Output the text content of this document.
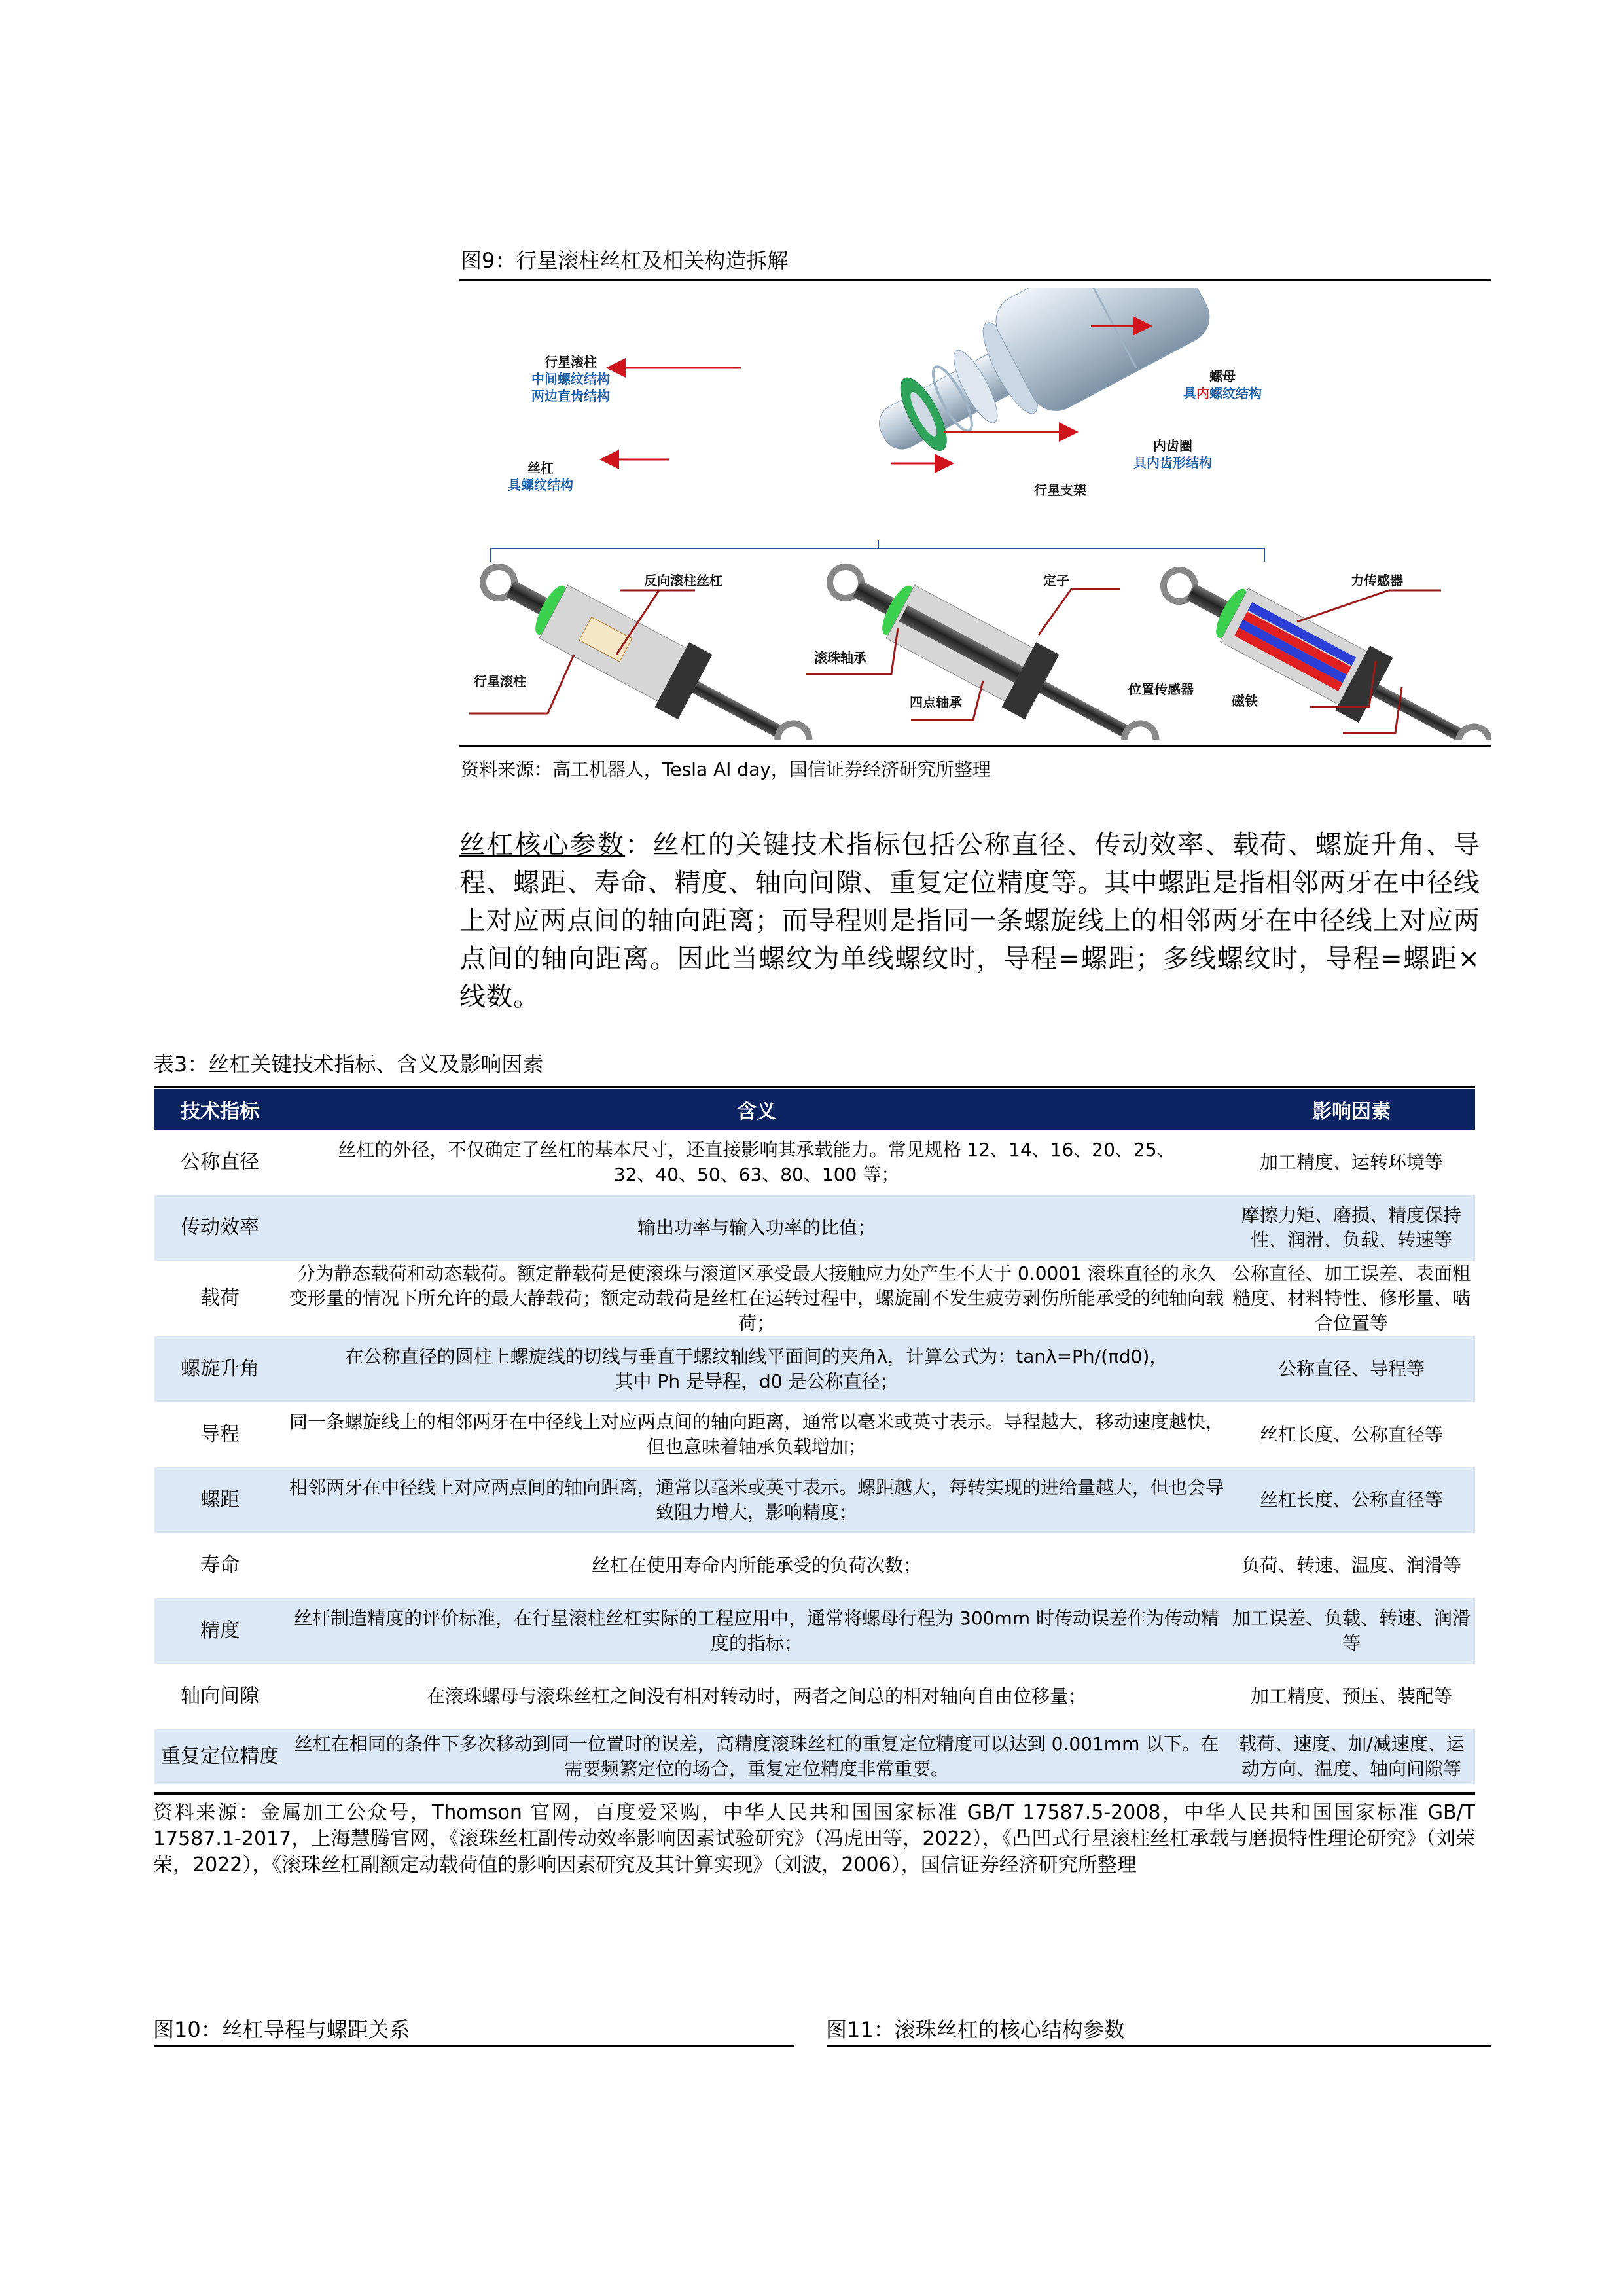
图9：行星滚柱丝杠及相关构造拆解
行星滚柱
中间螺纹结构
两边直齿结构
丝杠
具螺纹结构
螺母
具内螺纹结构
内齿圈
具内齿形结构
行星支架
反向滚柱丝杠
行星滚柱
定子
滚珠轴承
四点轴承
力传感器
位置传感器
磁铁
资料来源：高工机器人，Tesla AI day，国信证券经济研究所整理
丝杠核心参数：丝杠的关键技术指标包括公称直径、传动效率、载荷、螺旋升角、导程、螺距、寿命、精度、轴向间隙、重复定位精度等。其中螺距是指相邻两牙在中径线上对应两点间的轴向距离；而导程则是指同一条螺旋线上的相邻两牙在中径线上对应两点间的轴向距离。因此当螺纹为单线螺纹时，导程=螺距；多线螺纹时，导程=螺距×线数。
表3：丝杠关键技术指标、含义及影响因素
技术指标	含义	影响因素
公称直径	丝杠的外径，不仅确定了丝杠的基本尺寸，还直接影响其承载能力。常见规格 12、14、16、20、25、32、40、50、63、80、100 等；	加工精度、运转环境等
传动效率	输出功率与输入功率的比值；	摩擦力矩、磨损、精度保持性、润滑、负载、转速等
载荷	分为静态载荷和动态载荷。额定静载荷是使滚珠与滚道区承受最大接触应力处产生不大于 0.0001 滚珠直径的永久变形量的情况下所允许的最大静载荷；额定动载荷是丝杠在运转过程中，螺旋副不发生疲劳剥伤所能承受的纯轴向载荷；	公称直径、加工误差、表面粗糙度、材料特性、修形量、啮合位置等
螺旋升角	在公称直径的圆柱上螺旋线的切线与垂直于螺纹轴线平面间的夹角λ，计算公式为：tanλ=Ph/(πd0)，其中 Ph 是导程，d0 是公称直径；	公称直径、导程等
导程	同一条螺旋线上的相邻两牙在中径线上对应两点间的轴向距离，通常以毫米或英寸表示。导程越大，移动速度越快，但也意味着轴承负载增加；	丝杠长度、公称直径等
螺距	相邻两牙在中径线上对应两点间的轴向距离，通常以毫米或英寸表示。螺距越大，每转实现的进给量越大，但也会导致阻力增大，影响精度；	丝杠长度、公称直径等
寿命	丝杠在使用寿命内所能承受的负荷次数；	负荷、转速、温度、润滑等
精度	丝杆制造精度的评价标准，在行星滚柱丝杠实际的工程应用中，通常将螺母行程为 300mm 时传动误差作为传动精度的指标；	加工误差、负载、转速、润滑等
轴向间隙	在滚珠螺母与滚珠丝杠之间没有相对转动时，两者之间总的相对轴向自由位移量；	加工精度、预压、装配等
重复定位精度	丝杠在相同的条件下多次移动到同一位置时的误差，高精度滚珠丝杠的重复定位精度可以达到 0.001mm 以下。在需要频繁定位的场合，重复定位精度非常重要。	载荷、速度、加/减速度、运动方向、温度、轴向间隙等
资料来源：金属加工公众号，Thomson 官网，百度爱采购，中华人民共和国国家标准 GB/T 17587.5-2008，中华人民共和国国家标准 GB/T 17587.1-2017，上海慧腾官网，《滚珠丝杠副传动效率影响因素试验研究》（冯虎田等，2022），《凸凹式行星滚柱丝杠承载与磨损特性理论研究》（刘荣荣，2022），《滚珠丝杠副额定动载荷值的影响因素研究及其计算实现》（刘波，2006），国信证券经济研究所整理
图10：丝杠导程与螺距关系	图11：滚珠丝杠的核心结构参数
